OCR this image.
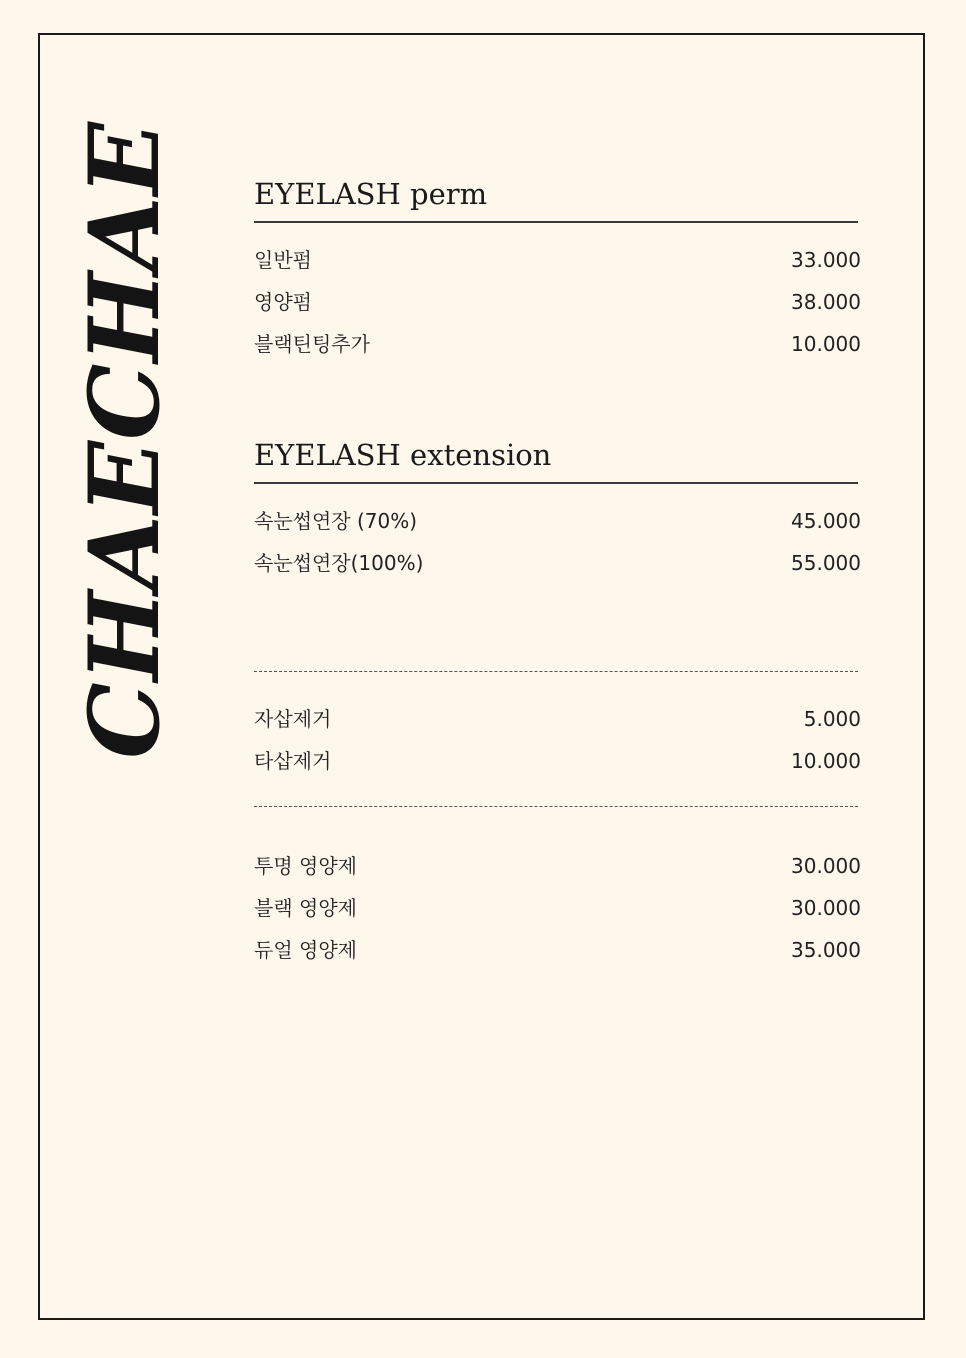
CHAECHAE	EYELASH perm
일반펌	33.000
영양펌	38.000
블랙틴팅추가	10.000
EYELASH extension
속눈썹연장 (70%)	45.000
속눈썹연장(100%)	55.000
자삽제거	5.000
타삽제거	10.000
투명 영양제	30.000
블랙 영양제	30.000
듀얼 영양제	35.000
